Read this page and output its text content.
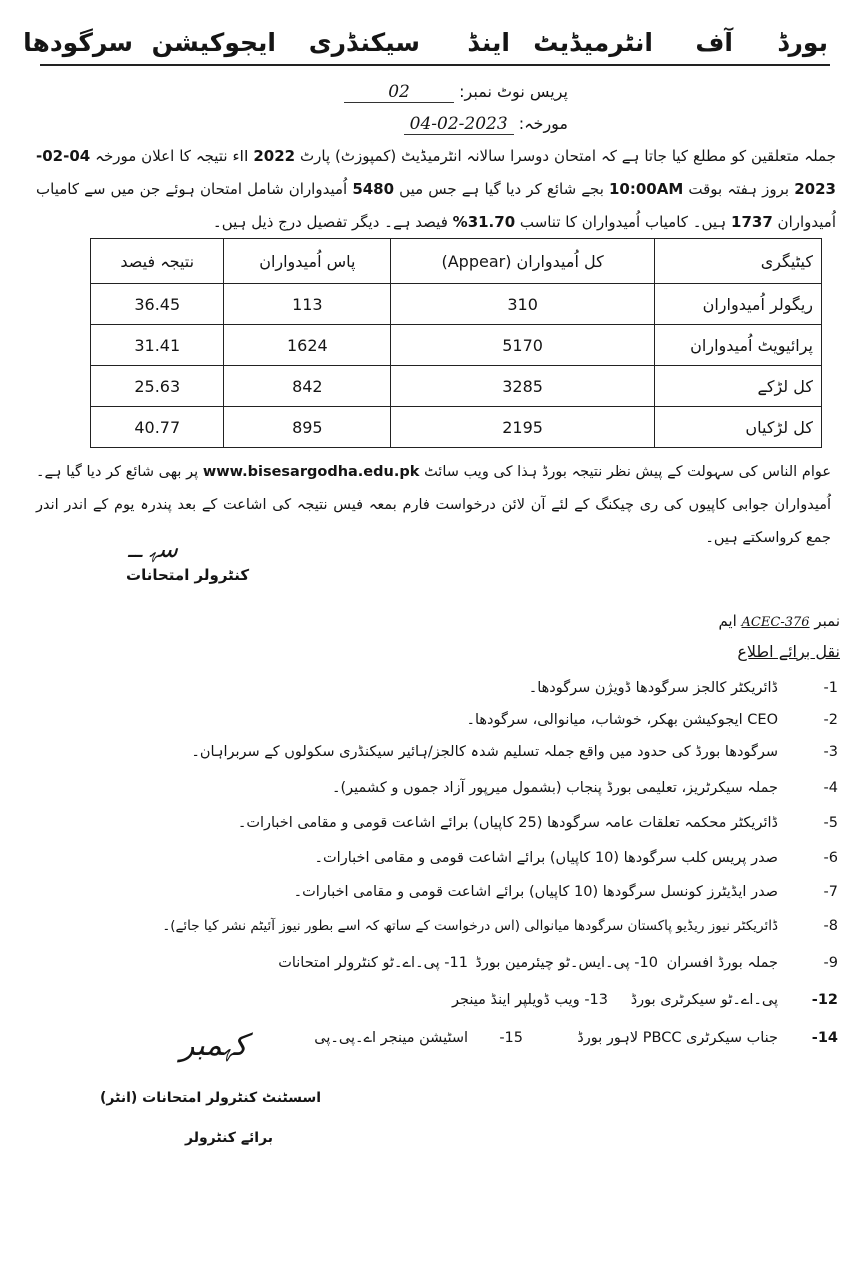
بورڈ
آف
انٹرمیڈیٹ
اینڈ
سیکنڈری
ایجوکیشن
سرگودھا
پریس نوٹ نمبر: 02
مورخہ: 04-02-2023
جملہ متعلقین کو مطلع کیا جاتا ہے کہ امتحان دوسرا سالانہ انٹرمیڈیٹ (کمپوزٹ) پارٹ II 2022ء نتیجہ کا اعلان مورخہ 04-02-2023 بروز ہفتہ بوقت 10:00AM بجے شائع کر دیا گیا ہے جس میں 5480 اُمیدواران شامل امتحان ہوئے جن میں سے کامیاب اُمیدواران 1737 ہیں۔ کامیاب اُمیدواران کا تناسب 31.70% فیصد ہے۔ دیگر تفصیل درج ذیل ہیں۔
کیٹیگری	کل اُمیدواران (Appear)	پاس اُمیدواران	نتیجہ فیصد
ریگولر اُمیدواران	310	113	36.45
پرائیویٹ اُمیدواران	5170	1624	31.41
کل لڑکے	3285	842	25.63
کل لڑکیاں	2195	895	40.77
عوام الناس کی سہولت کے پیش نظر نتیجہ بورڈ ہذا کی ویب سائٹ www.bisesargodha.edu.pk پر بھی شائع کر دیا گیا ہے۔ اُمیدواران جوابی کاپیوں کی ری چیکنگ کے لئے آن لائن درخواست فارم بمعہ فیس نتیجہ کی اشاعت کے بعد پندرہ یوم کے اندر اندر جمع کرواسکتے ہیں۔
ﺳﮩ ــ
کنٹرولر امتحانات
نمبر 376-ACEC ایم
نقل برائے اطلاع
-1
ڈائریکٹر کالجز سرگودھا ڈویژن سرگودھا۔
-2
CEO ایجوکیشن بھکر، خوشاب، میانوالی، سرگودھا۔
-3
سرگودھا بورڈ کی حدود میں واقع جملہ تسلیم شدہ کالجز/ہائیر سیکنڈری سکولوں کے سربراہان۔
-4
جملہ سیکرٹریز، تعلیمی بورڈ پنجاب (بشمول میرپور آزاد جموں و کشمیر)۔
-5
ڈائریکٹر محکمہ تعلقات عامہ سرگودھا (25 کاپیاں) برائے اشاعت قومی و مقامی اخبارات۔
-6
صدر پریس کلب سرگودھا (10 کاپیاں) برائے اشاعت قومی و مقامی اخبارات۔
-7
صدر ایڈیٹرز کونسل سرگودھا (10 کاپیاں) برائے اشاعت قومی و مقامی اخبارات۔
-8
ڈائریکٹر نیوز ریڈیو پاکستان سرگودھا میانوالی (اس درخواست کے ساتھ کہ اسے بطور نیوز آئیٹم نشر کیا جائے)۔
-9
جملہ بورڈ افسران
10- پی۔ایس۔ٹو چیئرمین بورڈ
11- پی۔اے۔ٹو کنٹرولر امتحانات
-12
پی۔اے۔ٹو سیکرٹری بورڈ
13- ویب ڈویلپر اینڈ مینجر
-14
جناب سیکرٹری PBCC لاہور بورڈ
-15
اسٹیشن مینجر اے۔پی۔پی
ﮐﮩﻤﺒﺮ
اسسٹنٹ کنٹرولر امتحانات (انٹر)
برائے کنٹرولر
